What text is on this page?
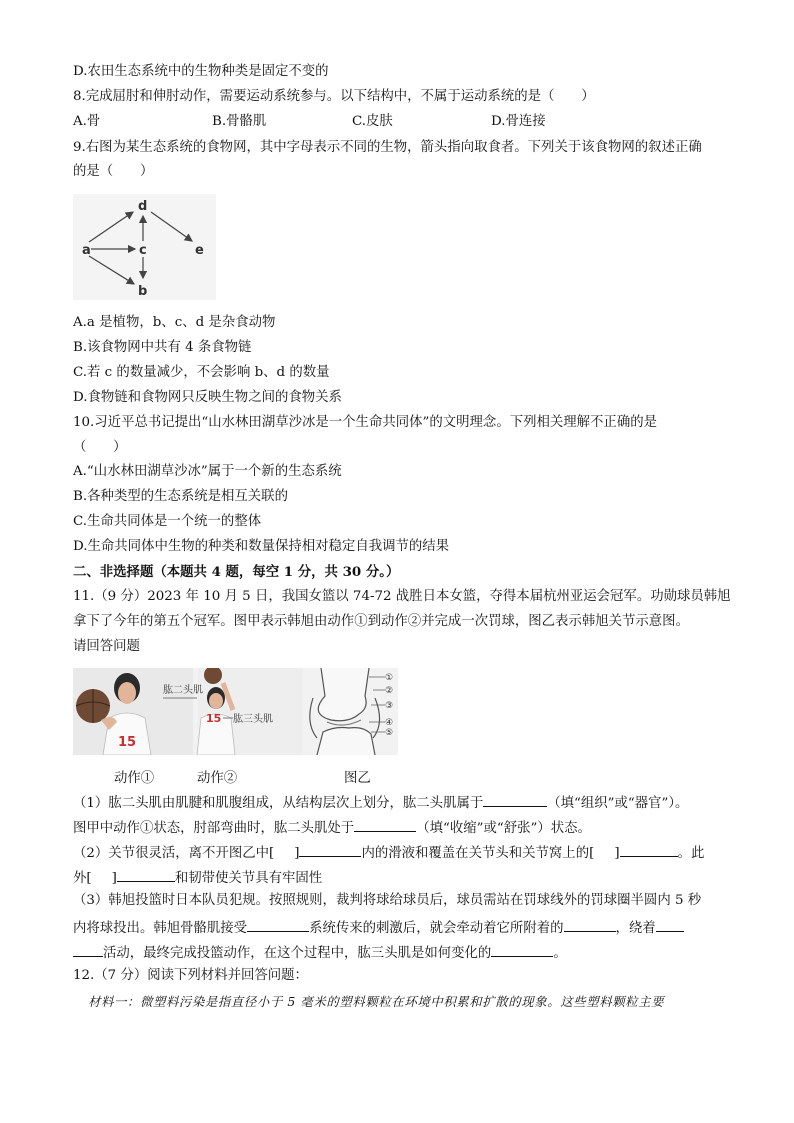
D.农田生态系统中的生物种类是固定不变的
8.完成屈肘和伸肘动作，需要运动系统参与。以下结构中，不属于运动系统的是（　　）
A.骨	B.骨骼肌	C.皮肤	D.骨连接
9.右图为某生态系统的食物网，其中字母表示不同的生物，箭头指向取食者。下列关于该食物网的叙述正确
的是（　　）
a
b
c
d
e
A.a 是植物，b、c、d 是杂食动物
B.该食物网中共有 4 条食物链
C.若 c 的数量减少，不会影响 b、d 的数量
D.食物链和食物网只反映生物之间的食物关系
10.习近平总书记提出“山水林田湖草沙冰是一个生命共同体”的文明理念。下列相关理解不正确的是
（　　）
A.“山水林田湖草沙冰”属于一个新的生态系统
B.各种类型的生态系统是相互关联的
C.生命共同体是一个统一的整体
D.生命共同体中生物的种类和数量保持相对稳定自我调节的结果
二、非选择题（本题共 4 题，每空 1 分，共 30 分。）
11.（9 分）2023 年 10 月 5 日，我国女篮以 74-72 战胜日本女篮，夺得本届杭州亚运会冠军。功勋球员韩旭
拿下了今年的第五个冠军。图甲表示韩旭由动作①到动作②并完成一次罚球，图乙表示韩旭关节示意图。
请回答问题
15
15
肱二头肌
肱三头肌
①
②
③
④
⑤
动作①	动作②	图乙
（1）肱二头肌由肌腱和肌腹组成，从结构层次上划分，肱二头肌属于	（填“组织”或“器官”）。
图甲中动作①状态，肘部弯曲时，肱二头肌处于	（填“收缩”或“舒张”）状态。
（2）关节很灵活，离不开图乙中[ ]	内的滑液和覆盖在关节头和关节窝上的[ ]	。此
外[ ]	和韧带使关节具有牢固性
（3）韩旭投篮时日本队员犯规。按照规则，裁判将球给球员后，球员需站在罚球线外的罚球圈半圆内 5 秒
内将球投出。韩旭骨骼肌接受	系统传来的刺激后，就会牵动着它所附着的	，绕着
活动，最终完成投篮动作，在这个过程中，肱三头肌是如何变化的	。
12.（7 分）阅读下列材料并回答问题：
材料一：微塑料污染是指直径小于 5 毫米的塑料颗粒在环境中积累和扩散的现象。这些塑料颗粒主要
